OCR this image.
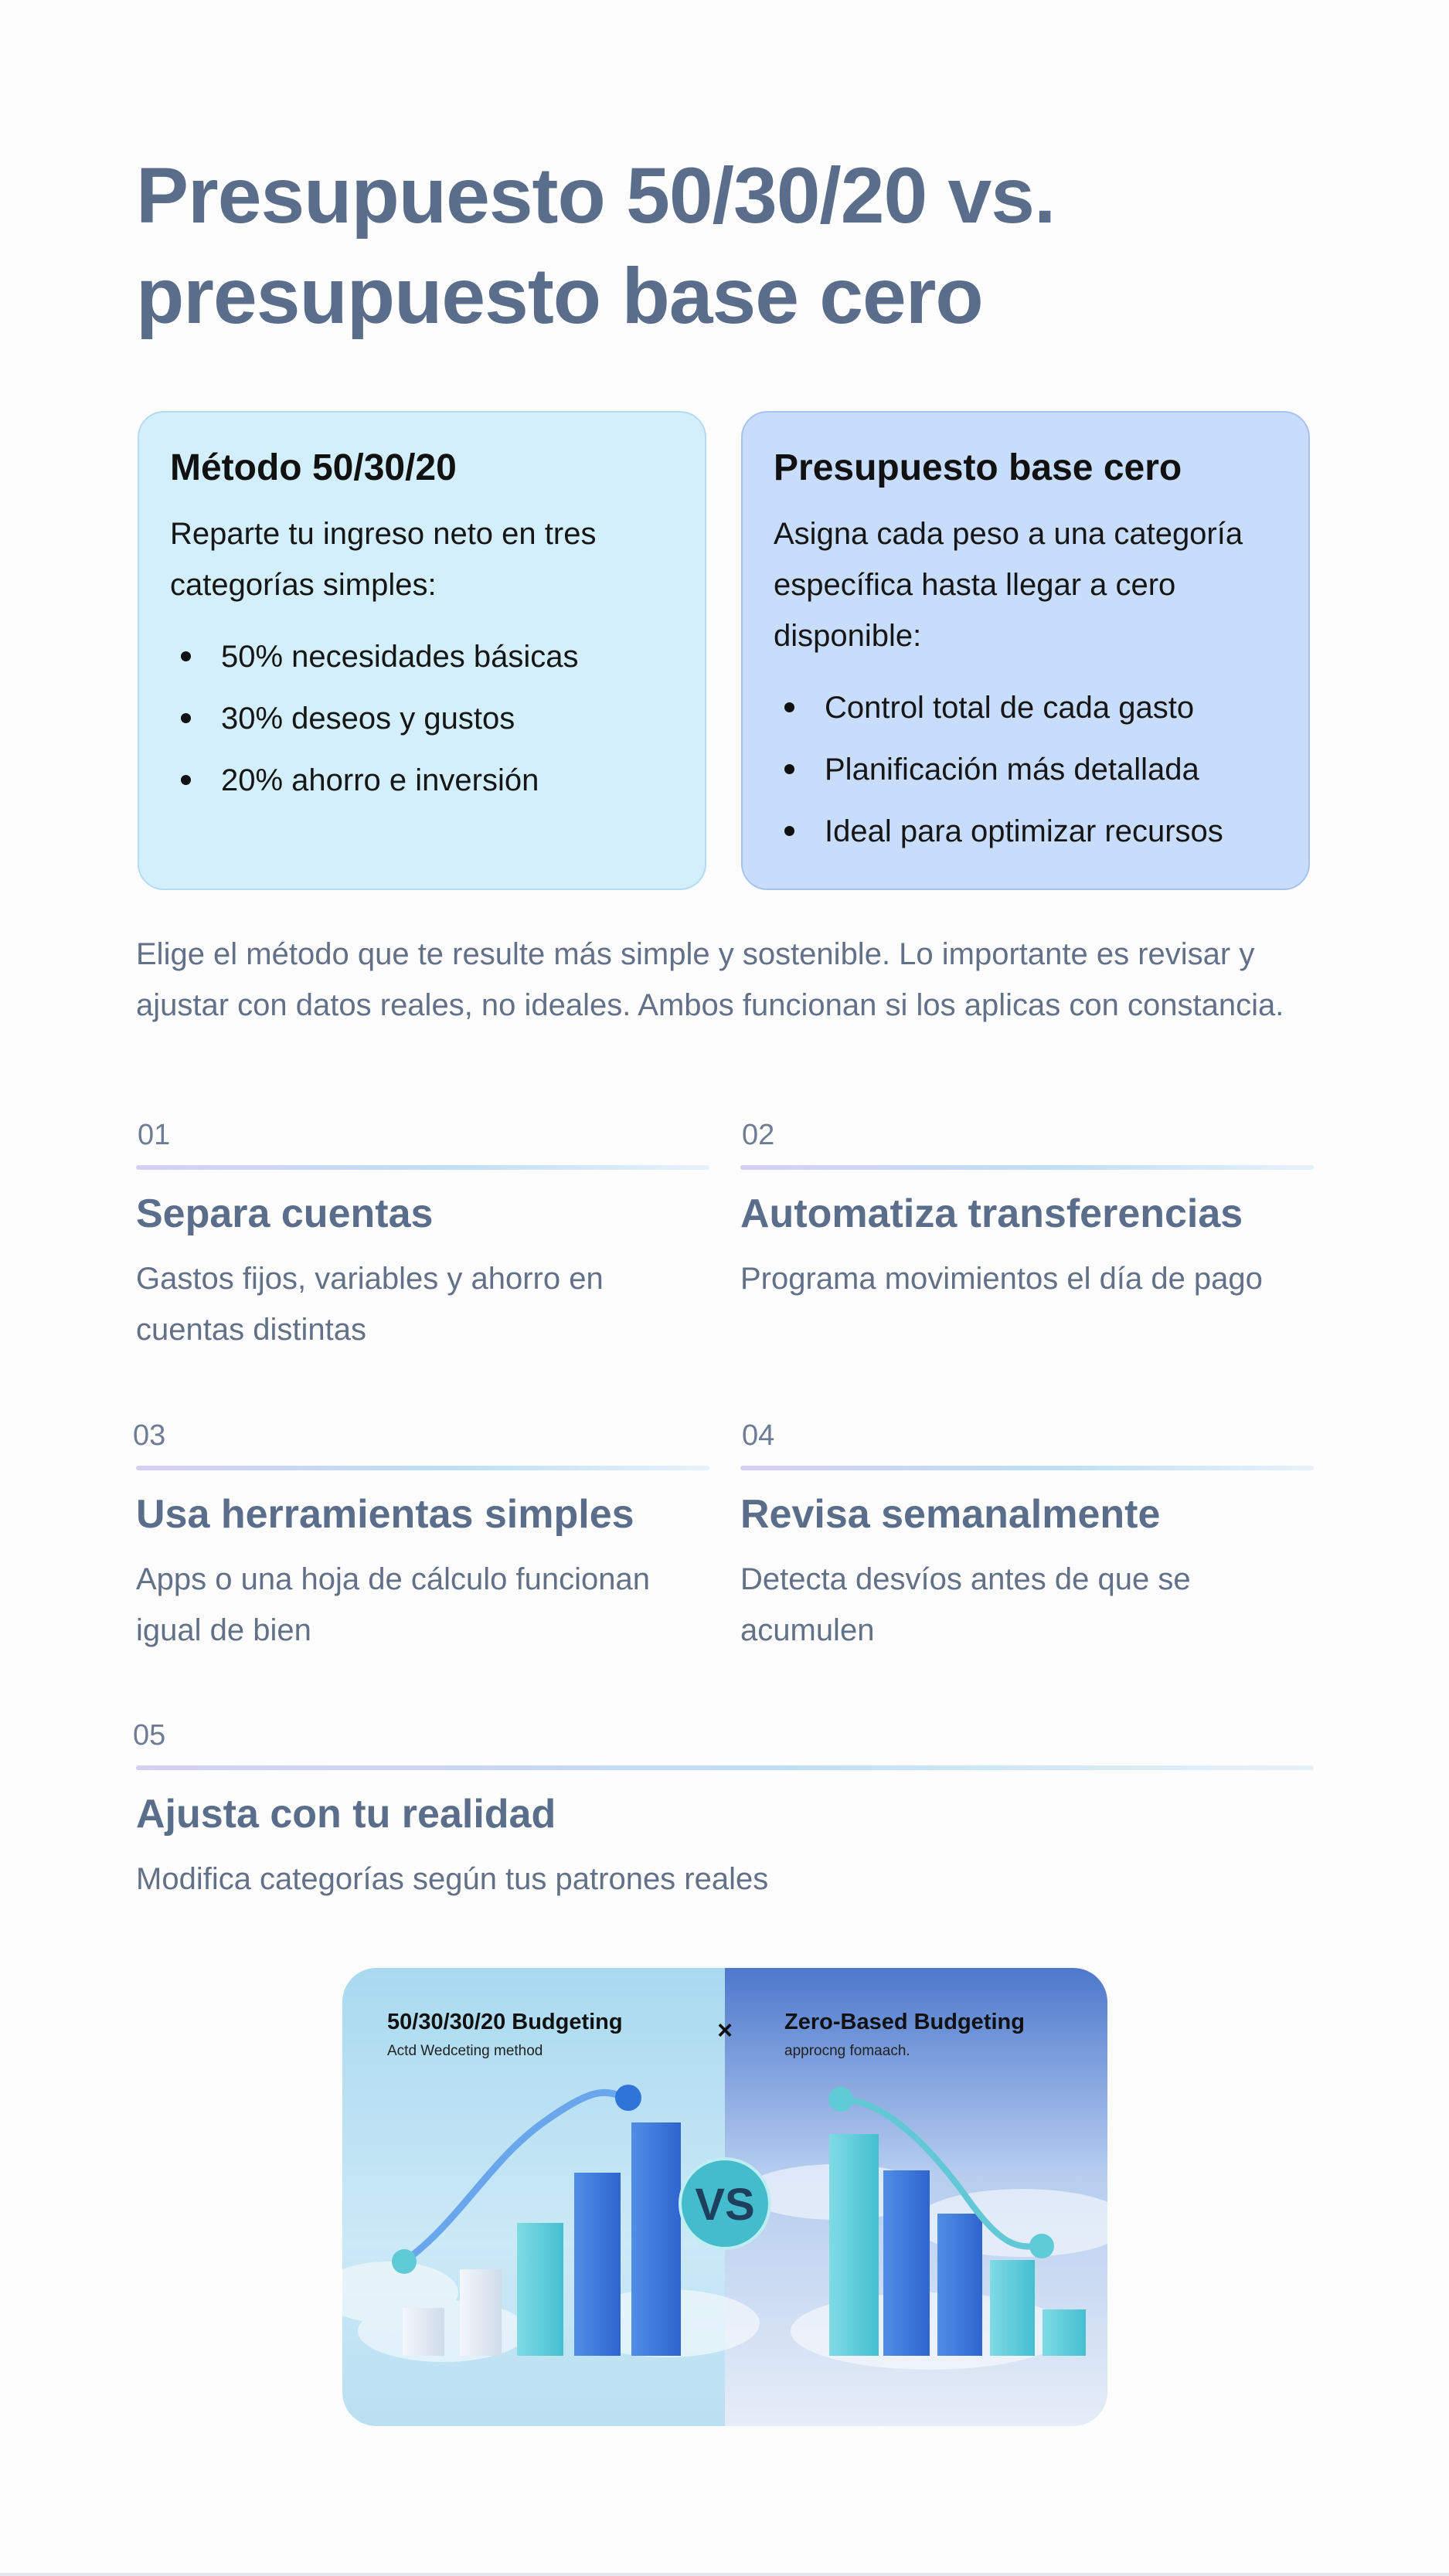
Presupuesto 50/30/20 vs. presupuesto base cero
Método 50/30/20

Reparte tu ingreso neto en tres categorías simples:

50% necesidades básicas
30% deseos y gustos
20% ahorro e inversión
Presupuesto base cero

Asigna cada peso a una categoría específica hasta llegar a cero disponible:

Control total de cada gasto
Planificación más detallada
Ideal para optimizar recursos

Elige el método que te resulte más simple y sostenible. Lo importante es revisar y ajustar con datos reales, no ideales. Ambos funcionan si los aplicas con constancia.

01
Separa cuentas

Gastos fijos, variables y ahorro en cuentas distintas

02
Automatiza transferencias

Programa movimientos el día de pago

03
Usa herramientas simples

Apps o una hoja de cálculo funcionan igual de bien

04
Revisa semanalmente

Detecta desvíos antes de que se acumulen

05
Ajusta con tu realidad

Modifica categorías según tus patrones reales

VS
50/30/30/20 Budgeting
Actd Wedceting method
× Zero-Based Budgeting
approcng fomaach.
